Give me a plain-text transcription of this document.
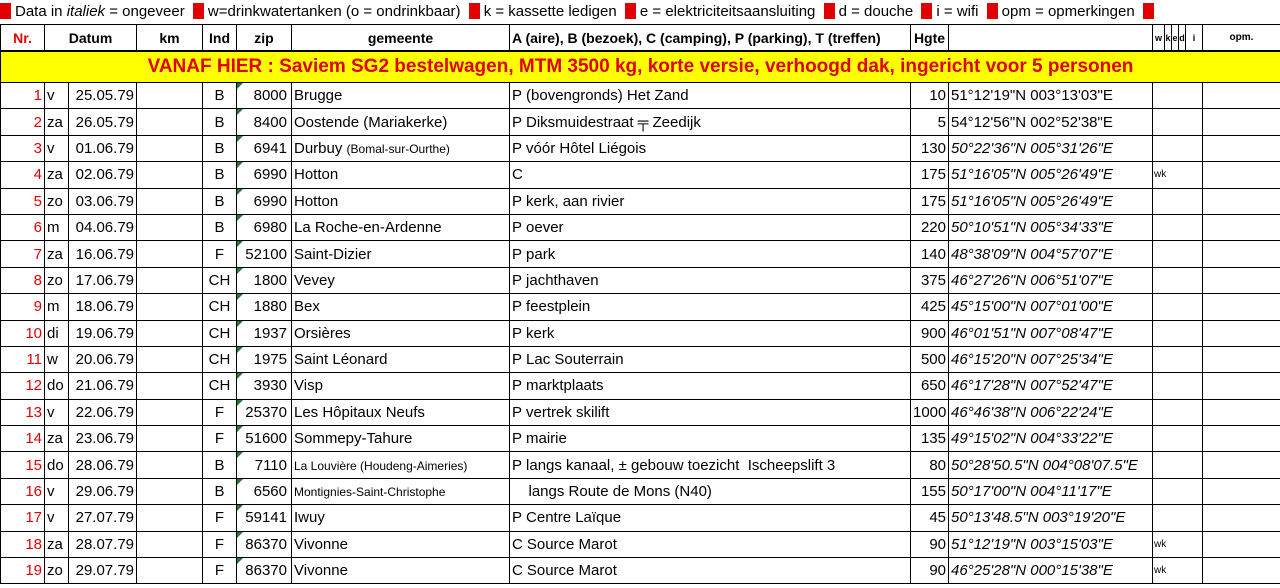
Data in italiek = ongeveer w=drinkwatertanken (o = ondrinkbaar) k = kassette ledigen e = elektriciteitsaansluiting d = douche i = wifi opm = opmerkingen
Nr.	Datum		km	Ind	zip	gemeente	A (aire), B (bezoek), C (camping), P (parking), T (treffen)	Hgte		w	k	e	d	i	opm.
VANAF HIER : Saviem SG2 bestelwagen, MTM 3500 kg, korte versie, verhoogd dak, ingericht voor 5 personen															
1	v	25.05.79		B	8000	Brugge	P (bovengronds) Het Zand	10	51°12'19"N 003°13'03"E						
2	za	26.05.79		B	8400	Oostende (Mariakerke)	P Diksmuidestraat ╤ Zeedijk	5	54°12'56"N 002°52'38"E						
3	v	01.06.79		B	6941	Durbuy (Bomal-sur-Ourthe)	P vóór Hôtel Liégois	130	50°22'36"N 005°31'26"E						
4	za	02.06.79		B	6990	Hotton	C	175	51°16'05"N 005°26'49"E	wk					
5	zo	03.06.79		B	6990	Hotton	P kerk, aan rivier	175	51°16'05"N 005°26'49"E						
6	m	04.06.79		B	6980	La Roche-en-Ardenne	P oever	220	50°10'51"N 005°34'33"E						
7	za	16.06.79		F	52100	Saint-Dizier	P park	140	48°38'09"N 004°57'07"E						
8	zo	17.06.79		CH	1800	Vevey	P jachthaven	375	46°27'26"N 006°51'07"E						
9	m	18.06.79		CH	1880	Bex	P feestplein	425	45°15'00"N 007°01'00"E						
10	di	19.06.79		CH	1937	Orsières	P kerk	900	46°01'51"N 007°08'47"E						
11	w	20.06.79		CH	1975	Saint Léonard	P Lac Souterrain	500	46°15'20"N 007°25'34"E						
12	do	21.06.79		CH	3930	Visp	P marktplaats	650	46°17'28"N 007°52'47"E						
13	v	22.06.79		F	25370	Les Hôpitaux Neufs	P vertrek skilift	1000	46°46'38"N 006°22'24"E						
14	za	23.06.79		F	51600	Sommepy-Tahure	P mairie	135	49°15'02"N 004°33'22"E						
15	do	28.06.79		B	7110	La Louvière (Houdeng-Aimeries)	P langs kanaal, ± gebouw toezicht  Ischeepslift 3	80	50°28'50.5"N 004°08'07.5"E						
16	v	29.06.79		B	6560	Montignies-Saint-Christophe	langs Route de Mons (N40)	155	50°17'00"N 004°11'17"E						
17	v	27.07.79		F	59141	Iwuy	P Centre Laïque	45	50°13'48.5"N 003°19'20"E						
18	za	28.07.79		F	86370	Vivonne	C Source Marot	90	51°12'19"N 003°15'03"E	wk					
19	zo	29.07.79		F	86370	Vivonne	C Source Marot	90	46°25'28"N 000°15'38"E	wk					
